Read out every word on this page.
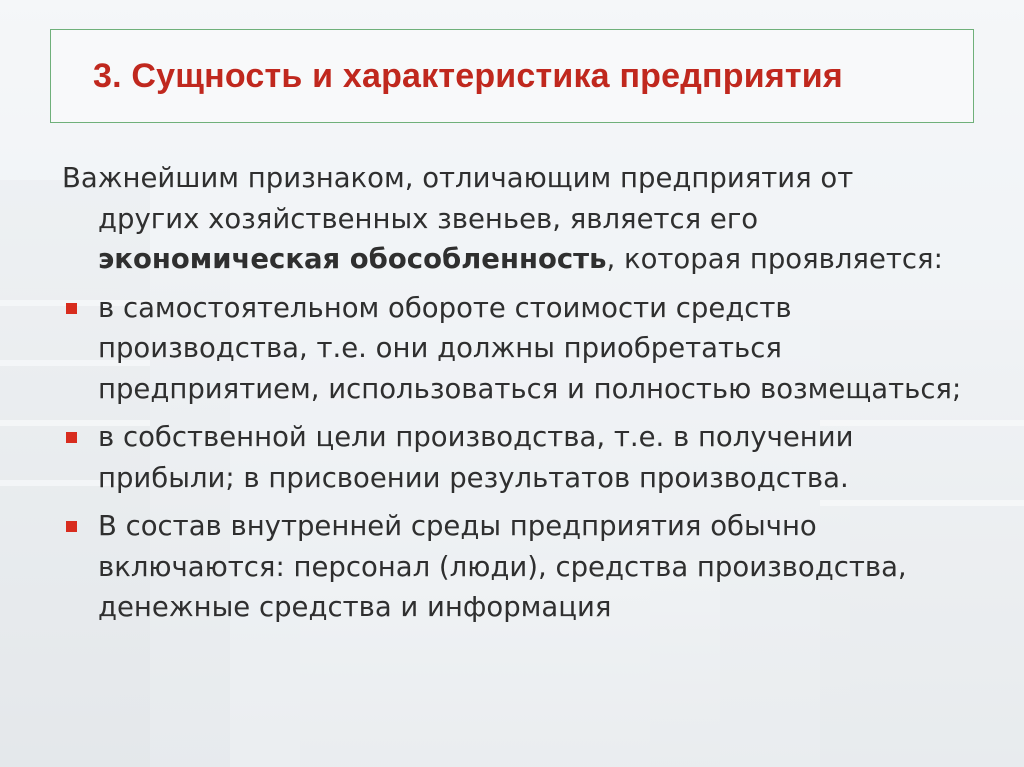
3. Сущность и характеристика предприятия

Важнейшим признаком, отличающим предприятия от других хозяйственных звеньев, является его экономическая обособленность, которая проявляется:

в самостоятельном обороте стоимости средств производства, т.е. они должны приобретаться предприятием, использоваться и полностью возмещаться;
в собственной цели производства, т.е. в получении прибыли; в присвоении результатов производства.
В состав внутренней среды предприятия обычно включаются: персонал (люди), средства производства, денежные средства и информация
